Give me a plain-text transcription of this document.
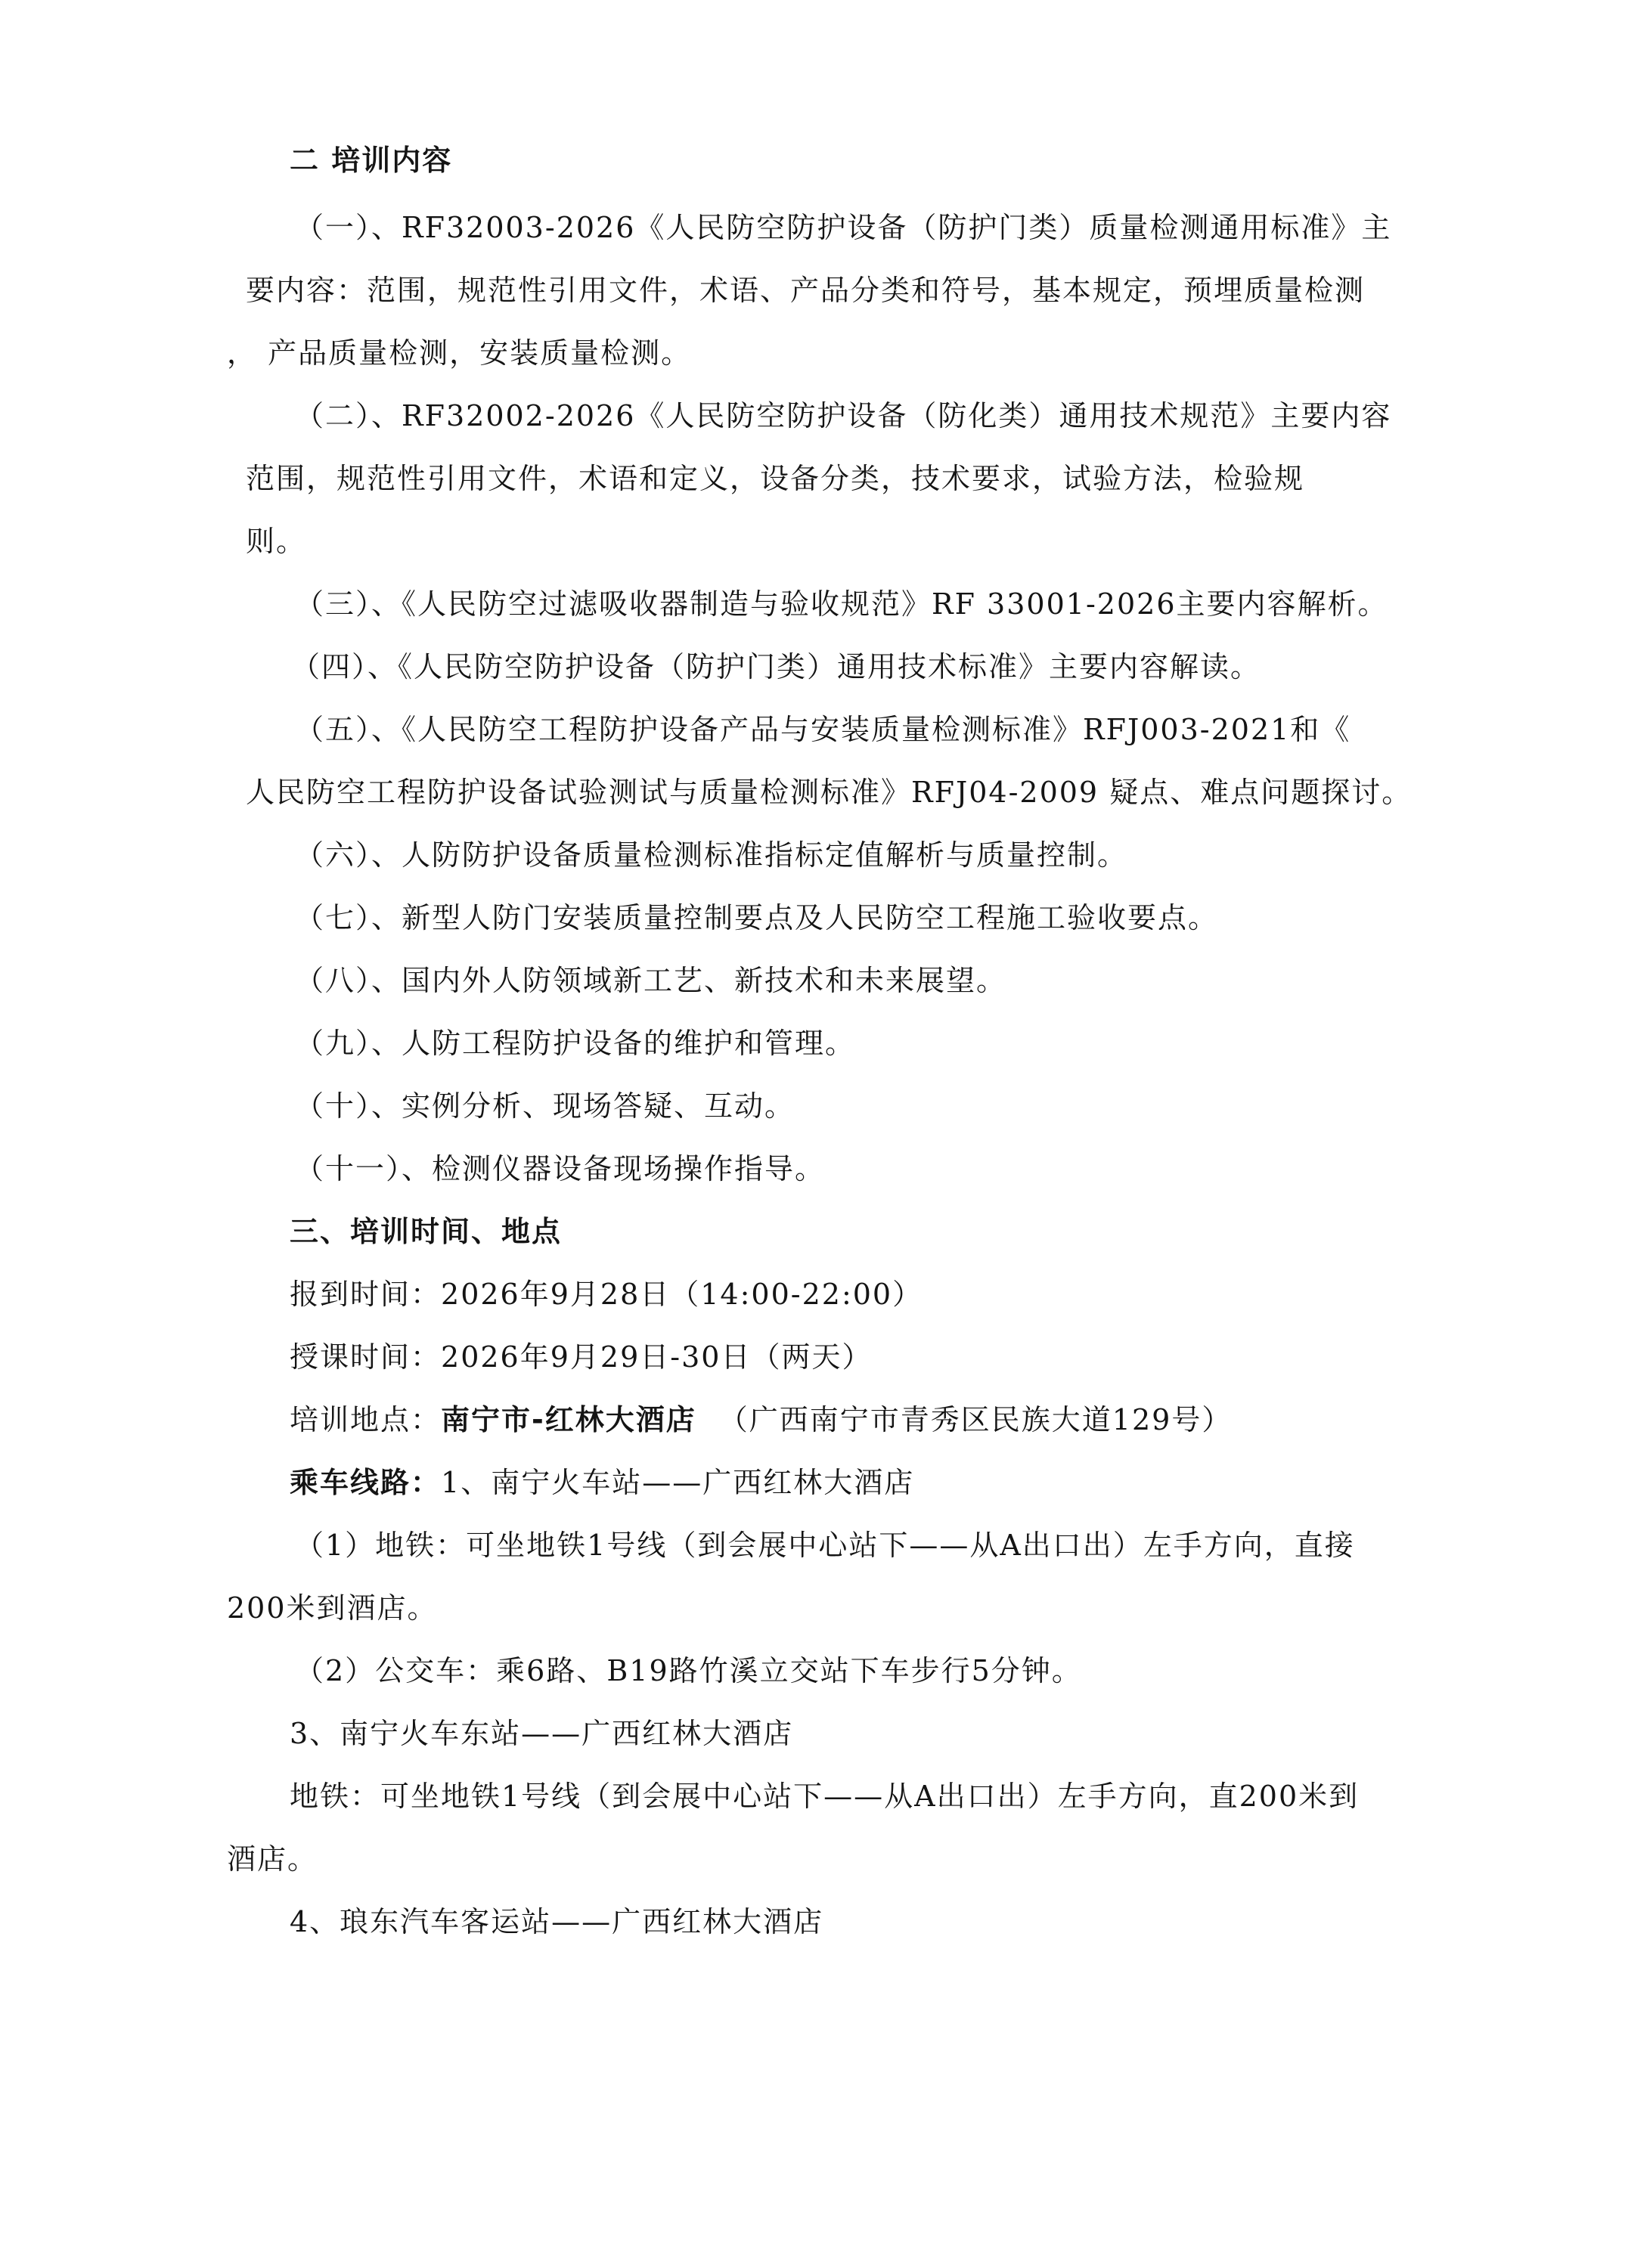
二 培训内容
（一）、RF32003-2026《人民防空防护设备（防护门类）质量检测通用标准》主
要内容：范围，规范性引用文件，术语、产品分类和符号，基本规定，预埋质量检测
， 产品质量检测，安装质量检测。
（二）、RF32002-2026《人民防空防护设备（防化类）通用技术规范》主要内容
范围，规范性引用文件，术语和定义，设备分类，技术要求，试验方法，检验规
则。
（三）、《人民防空过滤吸收器制造与验收规范》RF 33001-2026主要内容解析。
（四）、《人民防空防护设备（防护门类）通用技术标准》主要内容解读。
（五）、《人民防空工程防护设备产品与安装质量检测标准》RFJ003-2021和《
人民防空工程防护设备试验测试与质量检测标准》RFJ04-2009 疑点、难点问题探讨。
（六）、人防防护设备质量检测标准指标定值解析与质量控制。
（七）、新型人防门安装质量控制要点及人民防空工程施工验收要点。
（八）、国内外人防领域新工艺、新技术和未来展望。
（九）、人防工程防护设备的维护和管理。
（十）、实例分析、现场答疑、互动。
（十一）、检测仪器设备现场操作指导。
三、培训时间、地点
报到时间：2026年9月28日（14:00-22:00）
授课时间：2026年9月29日-30日（两天）
培训地点：南宁市-红林大酒店 （广西南宁市青秀区民族大道129号）
乘车线路：1、南宁火车站——广西红林大酒店
（1）地铁：可坐地铁1号线（到会展中心站下——从A出口出）左手方向，直接
200米到酒店。
（2）公交车：乘6路、B19路竹溪立交站下车步行5分钟。
3、南宁火车东站——广西红林大酒店
地铁：可坐地铁1号线（到会展中心站下——从A出口出）左手方向，直200米到
酒店。
4、琅东汽车客运站——广西红林大酒店
